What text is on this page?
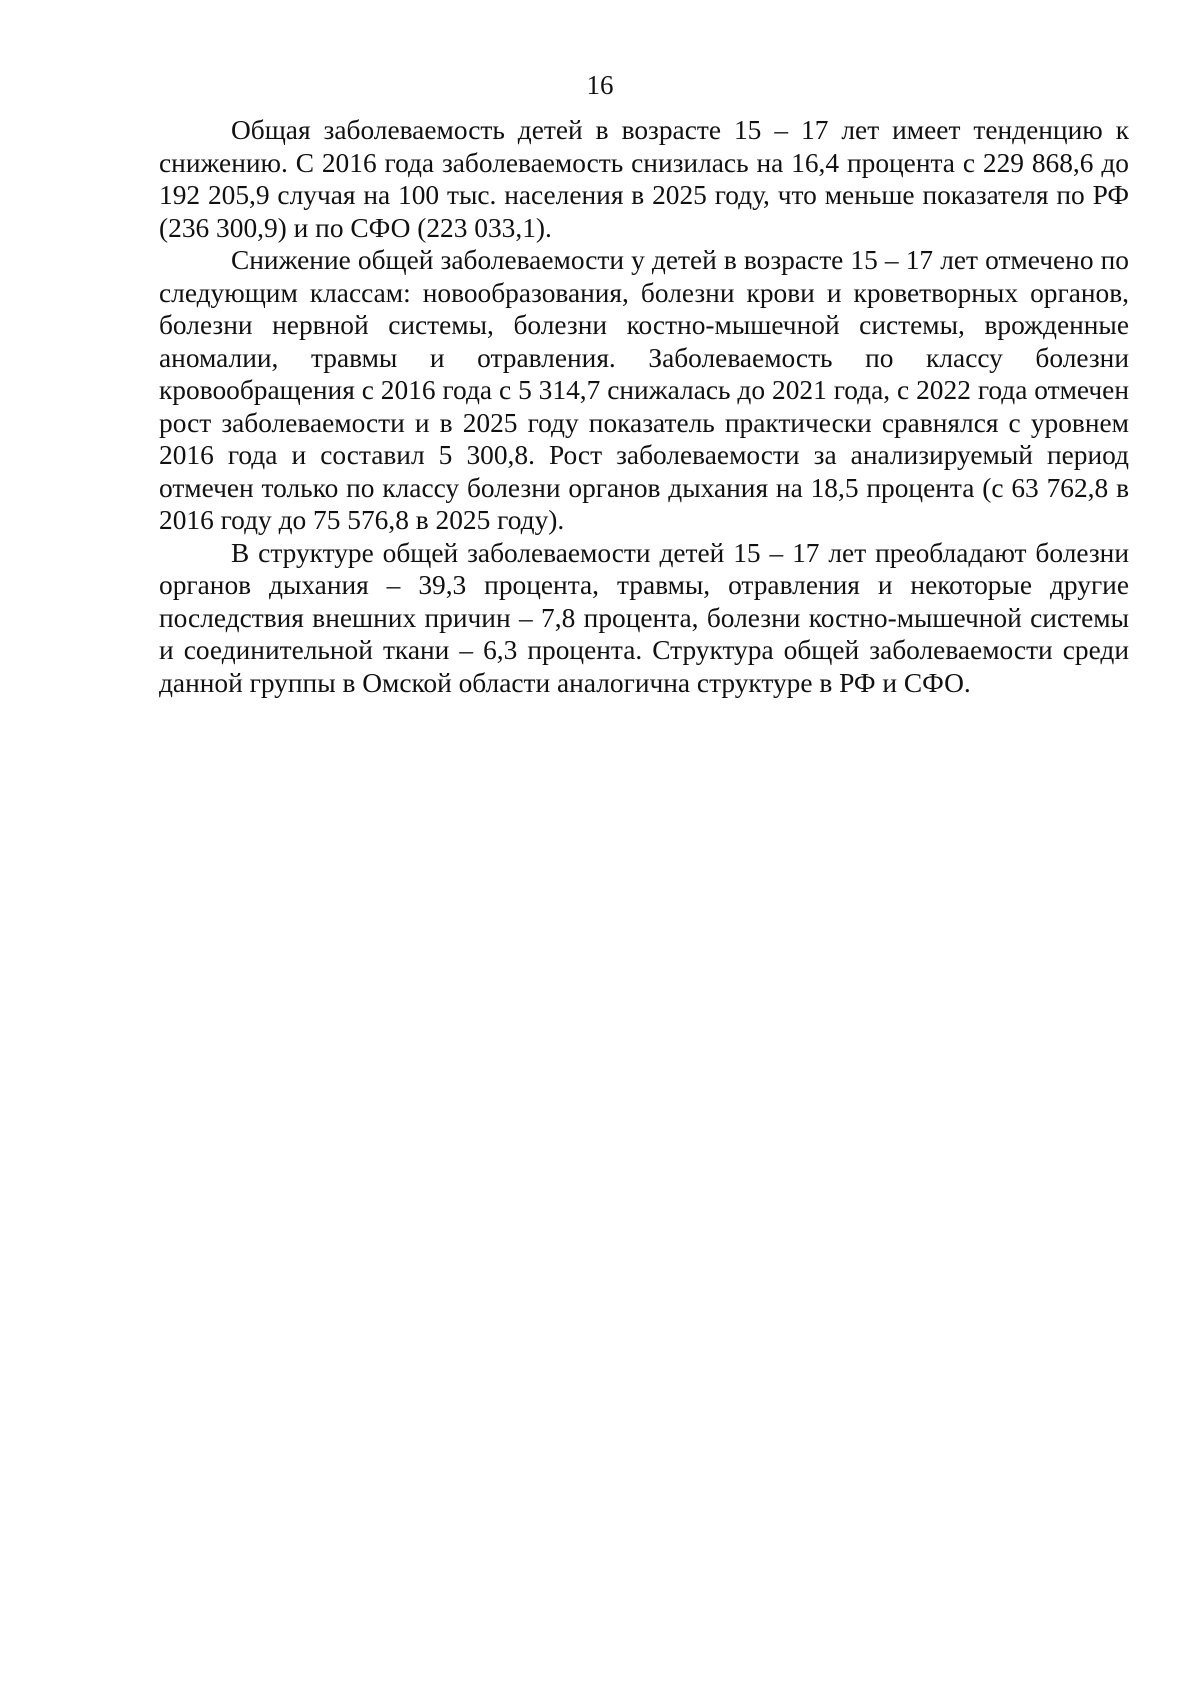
16

Общая заболеваемость детей в возрасте 15 – 17 лет имеет тенденцию к снижению. С 2016 года заболеваемость снизилась на 16,4 процента с 229 868,6 до 192 205,9 случая на 100 тыс. населения в 2025 году, что меньше показателя по РФ (236 300,9) и по СФО (223 033,1).

Снижение общей заболеваемости у детей в возрасте 15 – 17 лет отмечено по следующим классам: новообразования, болезни крови и кроветворных органов, болезни нервной системы, болезни костно-мышечной системы, врожденные аномалии, травмы и отравления. Заболеваемость по классу болезни кровообращения с 2016 года с 5 314,7 снижалась до 2021 года, с 2022 года отмечен рост заболеваемости и в 2025 году показатель практически сравнялся с уровнем 2016 года и составил 5 300,8. Рост заболеваемости за анализируемый период отмечен только по классу болезни органов дыхания на 18,5 процента (с 63 762,8 в 2016 году до 75 576,8 в 2025 году).

В структуре общей заболеваемости детей 15 – 17 лет преобладают болезни органов дыхания – 39,3 процента, травмы, отравления и некоторые другие последствия внешних причин – 7,8 процента, болезни костно-мышечной системы и соединительной ткани – 6,3 процента. Структура общей заболеваемости среди данной группы в Омской области аналогична структуре в РФ и СФО.
